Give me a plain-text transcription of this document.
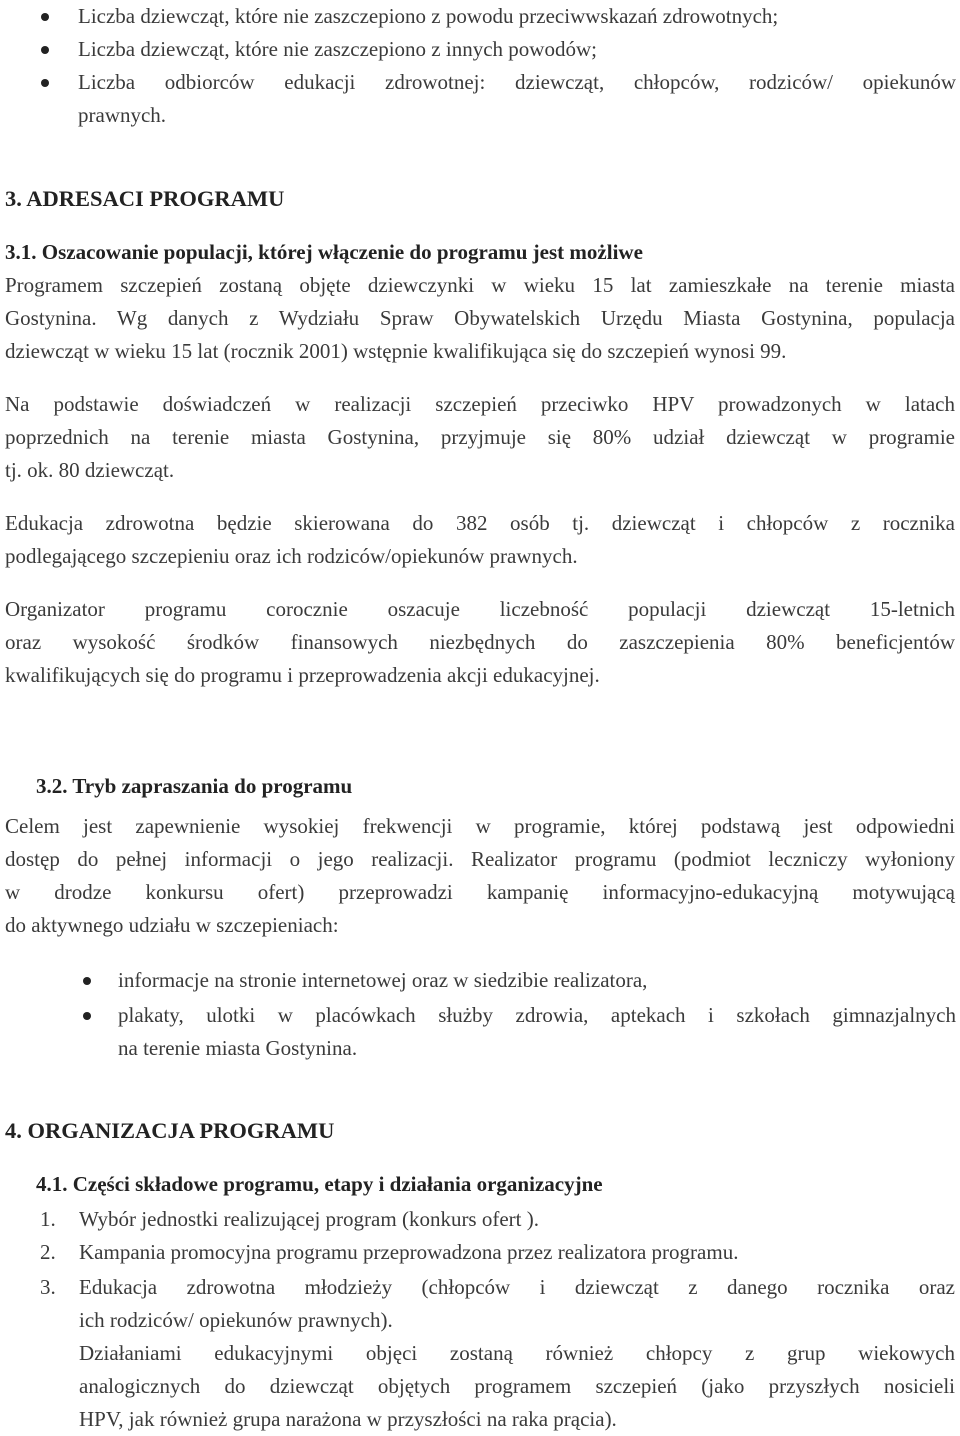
Liczba dziewcząt, które nie zaszczepiono z powodu przeciwwskazań zdrowotnych;

Liczba dziewcząt, które nie zaszczepiono z innych powodów;

Liczba odbiorców edukacji zdrowotnej: dziewcząt, chłopców, rodziców/ opiekunów

prawnych.

3. ADRESACI PROGRAMU

3.1. Oszacowanie populacji, której włączenie do programu jest możliwe

Programem szczepień zostaną objęte dziewczynki w wieku 15 lat zamieszkałe na terenie miasta

Gostynina. Wg danych z Wydziału Spraw Obywatelskich Urzędu Miasta Gostynina, populacja

dziewcząt w wieku 15 lat (rocznik 2001) wstępnie kwalifikująca się do szczepień wynosi 99.

Na podstawie doświadczeń w realizacji szczepień przeciwko HPV prowadzonych w latach

poprzednich na terenie miasta Gostynina, przyjmuje się 80% udział dziewcząt w programie

tj. ok. 80 dziewcząt.

Edukacja zdrowotna będzie skierowana do 382 osób tj. dziewcząt i chłopców z rocznika

podlegającego szczepieniu oraz ich rodziców/opiekunów prawnych.

Organizator programu corocznie oszacuje liczebność populacji dziewcząt 15-letnich

oraz wysokość środków finansowych niezbędnych do zaszczepienia 80% beneficjentów

kwalifikujących się do programu i przeprowadzenia akcji edukacyjnej.

3.2. Tryb zapraszania do programu

Celem jest zapewnienie wysokiej frekwencji w programie, której podstawą jest odpowiedni

dostęp do pełnej informacji o jego realizacji. Realizator programu (podmiot leczniczy wyłoniony

w drodze konkursu ofert) przeprowadzi kampanię informacyjno-edukacyjną motywującą

do aktywnego udziału w szczepieniach:

informacje na stronie internetowej oraz w siedzibie realizatora,

plakaty, ulotki w placówkach służby zdrowia, aptekach i szkołach gimnazjalnych

na terenie miasta Gostynina.

4. ORGANIZACJA PROGRAMU

4.1. Części składowe programu, etapy i działania organizacyjne

1. Wybór jednostki realizującej program (konkurs ofert ).

2. Kampania promocyjna programu przeprowadzona przez realizatora programu.

3. Edukacja zdrowotna młodzieży (chłopców i dziewcząt z danego rocznika oraz

ich rodziców/ opiekunów prawnych).

Działaniami edukacyjnymi objęci zostaną również chłopcy z grup wiekowych

analogicznych do dziewcząt objętych programem szczepień (jako przyszłych nosicieli

HPV, jak również grupa narażona w przyszłości na raka prącia).
